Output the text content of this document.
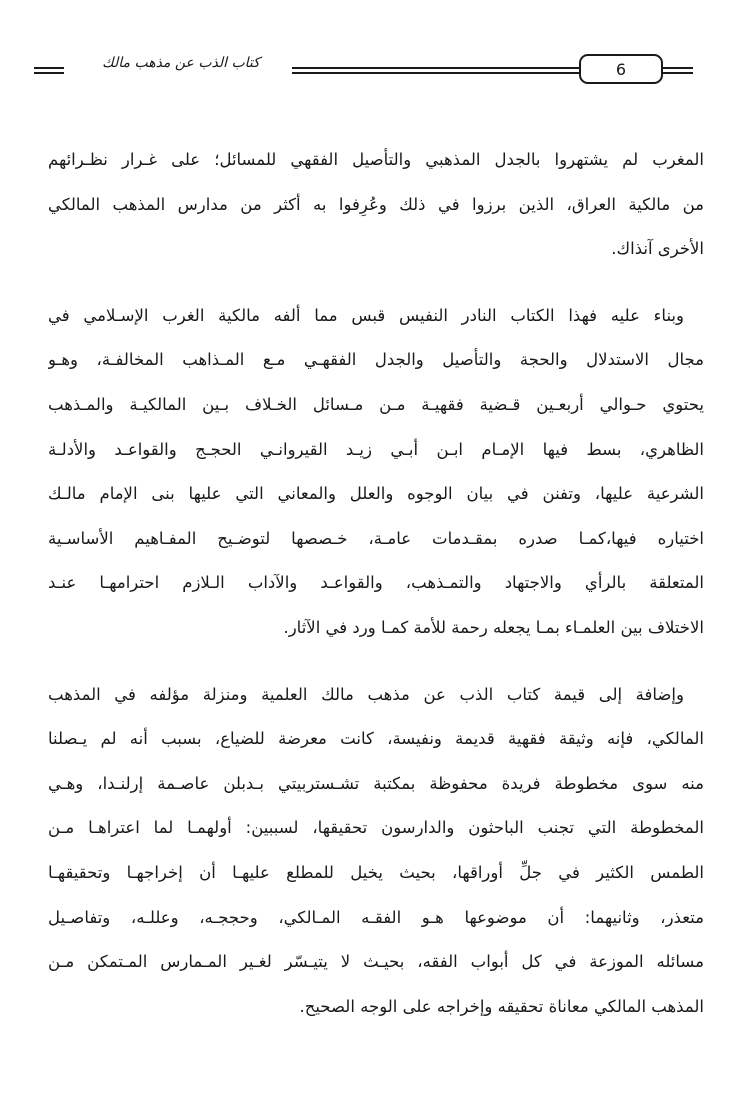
كتاب الذب عن مذهب مالك	6
المغرب لم يشتهروا بالجدل المذهبي والتأصيل الفقهي للمسائل؛ على غـرار نظـرائهم
من مالكية العراق، الذين برزوا في ذلك وعُرِفوا به أكثر من مدارس المذهب المالكي
الأخرى آنذاك.
وبناء عليه فهذا الكتاب النادر النفيس قبس مما ألفه مالكية الغرب الإسـلامي في
مجال الاستدلال والحجة والتأصيل والجدل الفقهـي مـع المـذاهب المخالفـة، وهـو
يحتوي حـوالي أربعـين قـضية فقهيـة مـن مـسائل الخـلاف بـين المالكيـة والمـذهب
الظاهري، بسط فيها الإمـام ابـن أبـي زيـد القيروانـي الحجـج والقواعـد والأدلـة
الشرعية عليها، وتفنن في بيان الوجوه والعلل والمعاني التي عليها بنى الإمام مالـك
اختياره فيها،كمـا صدره بمقـدمات عامـة، خـصصها لتوضـيح المفـاهيم الأساسـية
المتعلقة بالرأي والاجتهاد والتمـذهب، والقواعـد والآداب الـلازم احترامهـا عنـد
الاختلاف بين العلمـاء بمـا يجعله رحمة للأمة كمـا ورد في الآثار.
وإضافة إلى قيمة كتاب الذب عن مذهب مالك العلمية ومنزلة مؤلفه في المذهب
المالكي، فإنه وثيقة فقهية قديمة ونفيسة، كانت معرضة للضياع، بسبب أنه لم يـصلنا
منه سوى مخطوطة فريدة محفوظة بمكتبة تشـستربيتي بـدبلن عاصـمة إرلنـدا، وهـي
المخطوطة التي تجنب الباحثون والدارسون تحقيقها، لسببين: أولهمـا لما اعتراهـا مـن
الطمس الكثير في جلِّ أوراقها، بحيث يخيل للمطلع عليهـا أن إخراجهـا وتحقيقهـا
متعذر، وثانيهما: أن موضوعها هـو الفقـه المـالكي، وحججـه، وعللـه، وتفاصـيل
مسائله الموزعة في كل أبواب الفقه، بحيـث لا يتيـسّر لغـير المـمارس المـتمكن مـن
المذهب المالكي معاناة تحقيقه وإخراجه على الوجه الصحيح.
